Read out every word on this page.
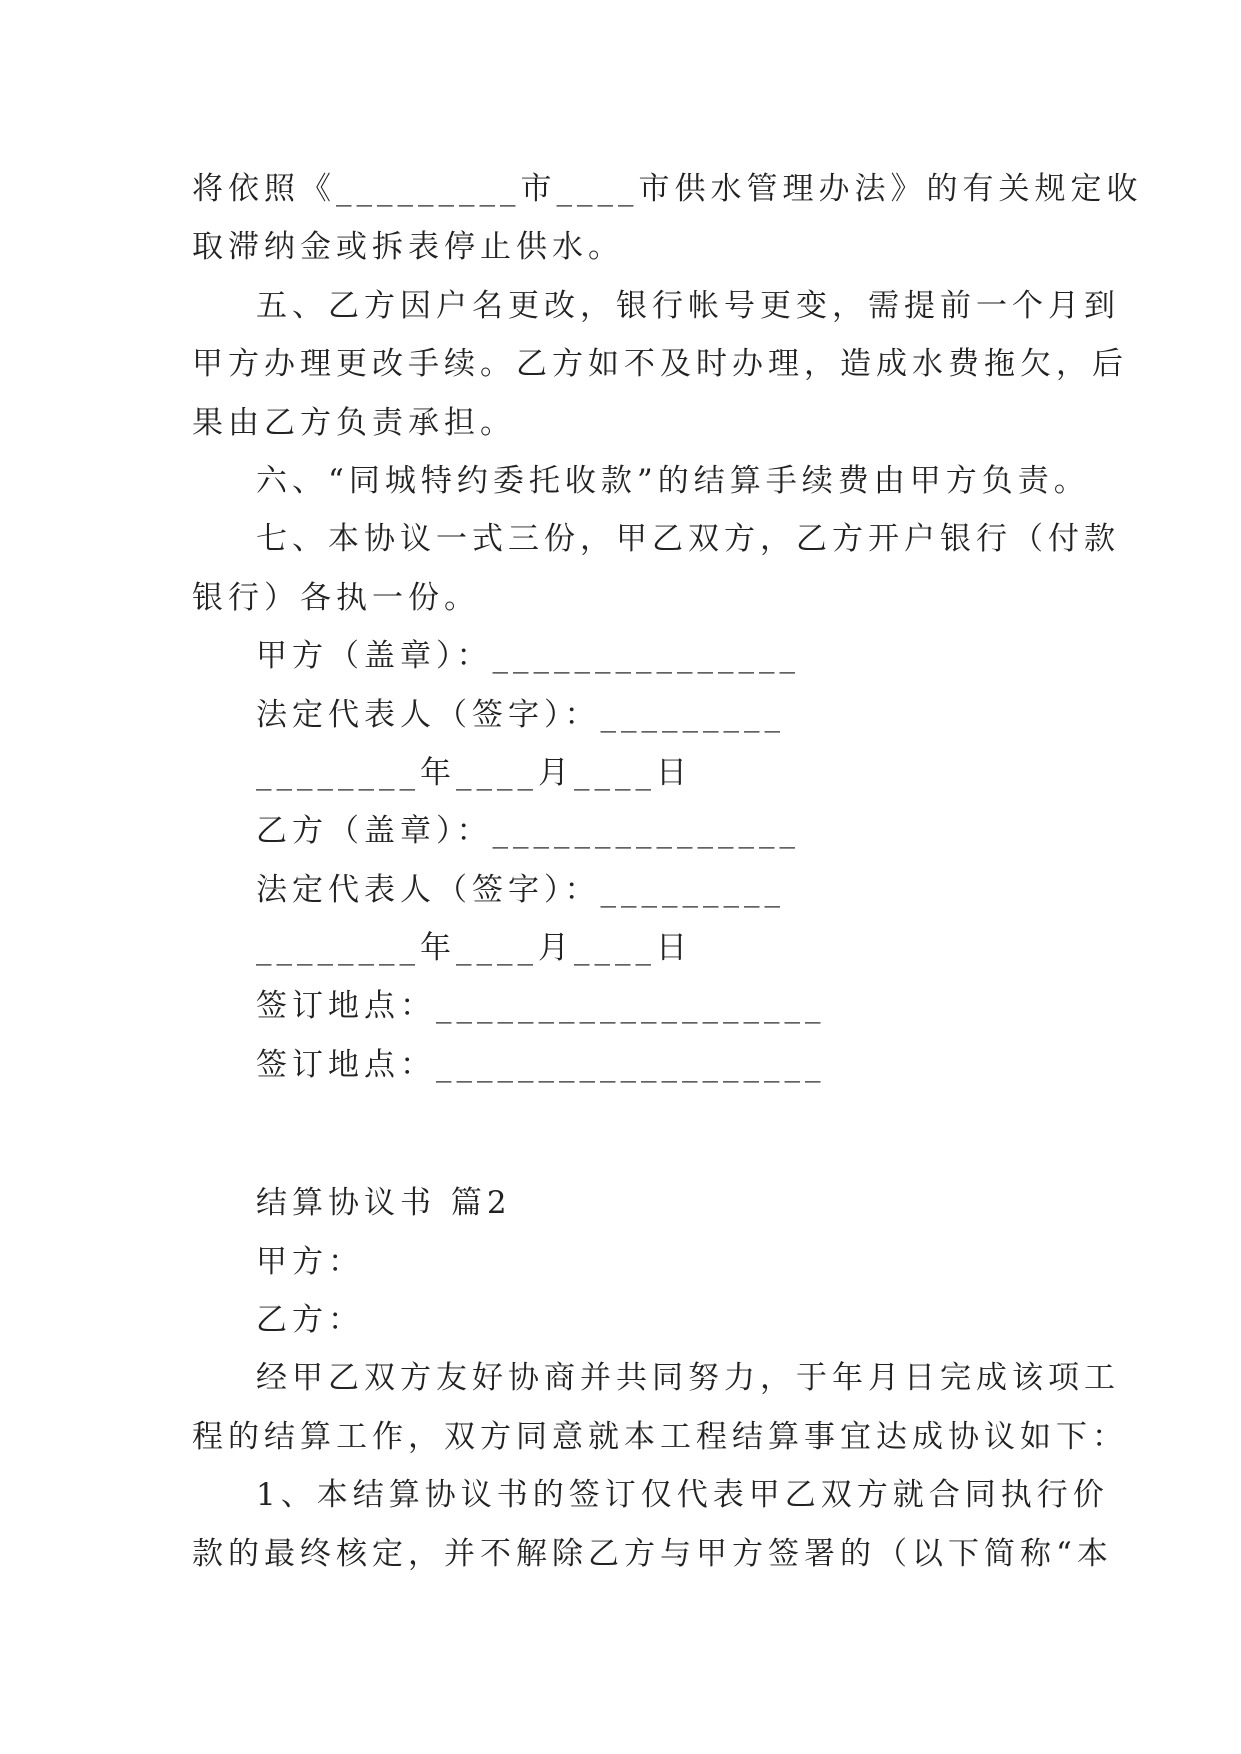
将依照《_________市____市供水管理办法》的有关规定收
取滞纳金或拆表停止供水。
五、乙方因户名更改，银行帐号更变，需提前一个月到
甲方办理更改手续。乙方如不及时办理，造成水费拖欠，后
果由乙方负责承担。
六、“同城特约委托收款”的结算手续费由甲方负责。
七、本协议一式三份，甲乙双方，乙方开户银行（付款
银行）各执一份。
甲方（盖章）：_______________
法定代表人（签字）：_________
________年____月____日
乙方（盖章）：_______________
法定代表人（签字）：_________
________年____月____日
签订地点：___________________
签订地点：___________________
结算协议书 篇2
甲方：
乙方：
经甲乙双方友好协商并共同努力，于年月日完成该项工
程的结算工作，双方同意就本工程结算事宜达成协议如下：
1、本结算协议书的签订仅代表甲乙双方就合同执行价
款的最终核定，并不解除乙方与甲方签署的（以下简称“本
